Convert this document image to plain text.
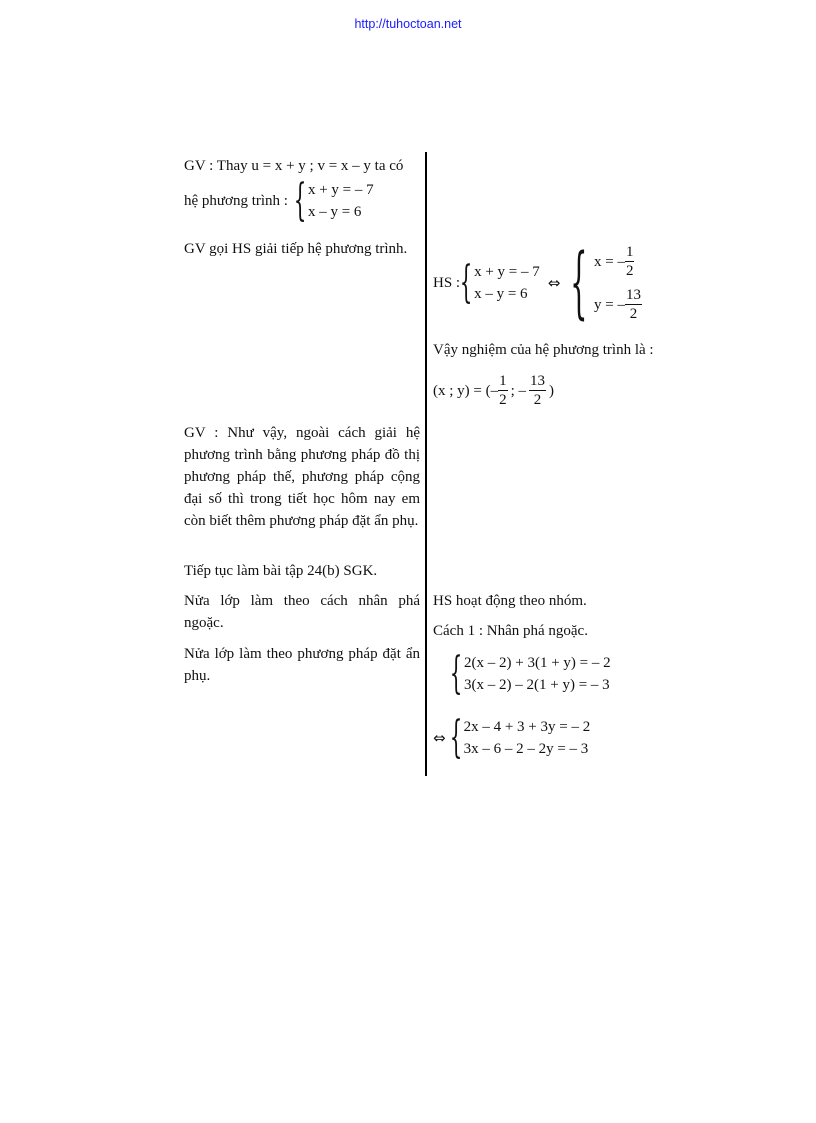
http://tuhoctoan.net
GV : Thay u = x + y ; v = x – y ta có
hệ phương trình : { x + y = – 7
x – y = 6
GV gọi HS giải tiếp hệ phương trình.
GV : Như vậy, ngoài cách giải hệ phương trình bằng phương pháp đồ thị phương pháp thế, phương pháp cộng đại số thì trong tiết học hôm nay em còn biết thêm phương pháp đặt ẩn phụ.
Tiếp tục làm bài tập 24(b) SGK.
Nửa lớp làm theo cách nhân phá ngoặc.
Nửa lớp làm theo phương pháp đặt ẩn phụ.
HS : { x + y = – 7
x – y = 6
⇔ { x = – $\frac{1}{2}$
y = – $\frac{13}{2}$
Vậy nghiệm của hệ phương trình là :
(x ; y) = (– $\frac{1}{2}$ ; – $\frac{13}{2}$ )
HS hoạt động theo nhóm.
Cách 1 : Nhân phá ngoặc.
{ 2(x – 2) + 3(1 + y) = – 2
3(x – 2) – 2(1 + y) = – 3
⇔ { 2x – 4 + 3 + 3y = – 2
3x – 6 – 2 – 2y = – 3
